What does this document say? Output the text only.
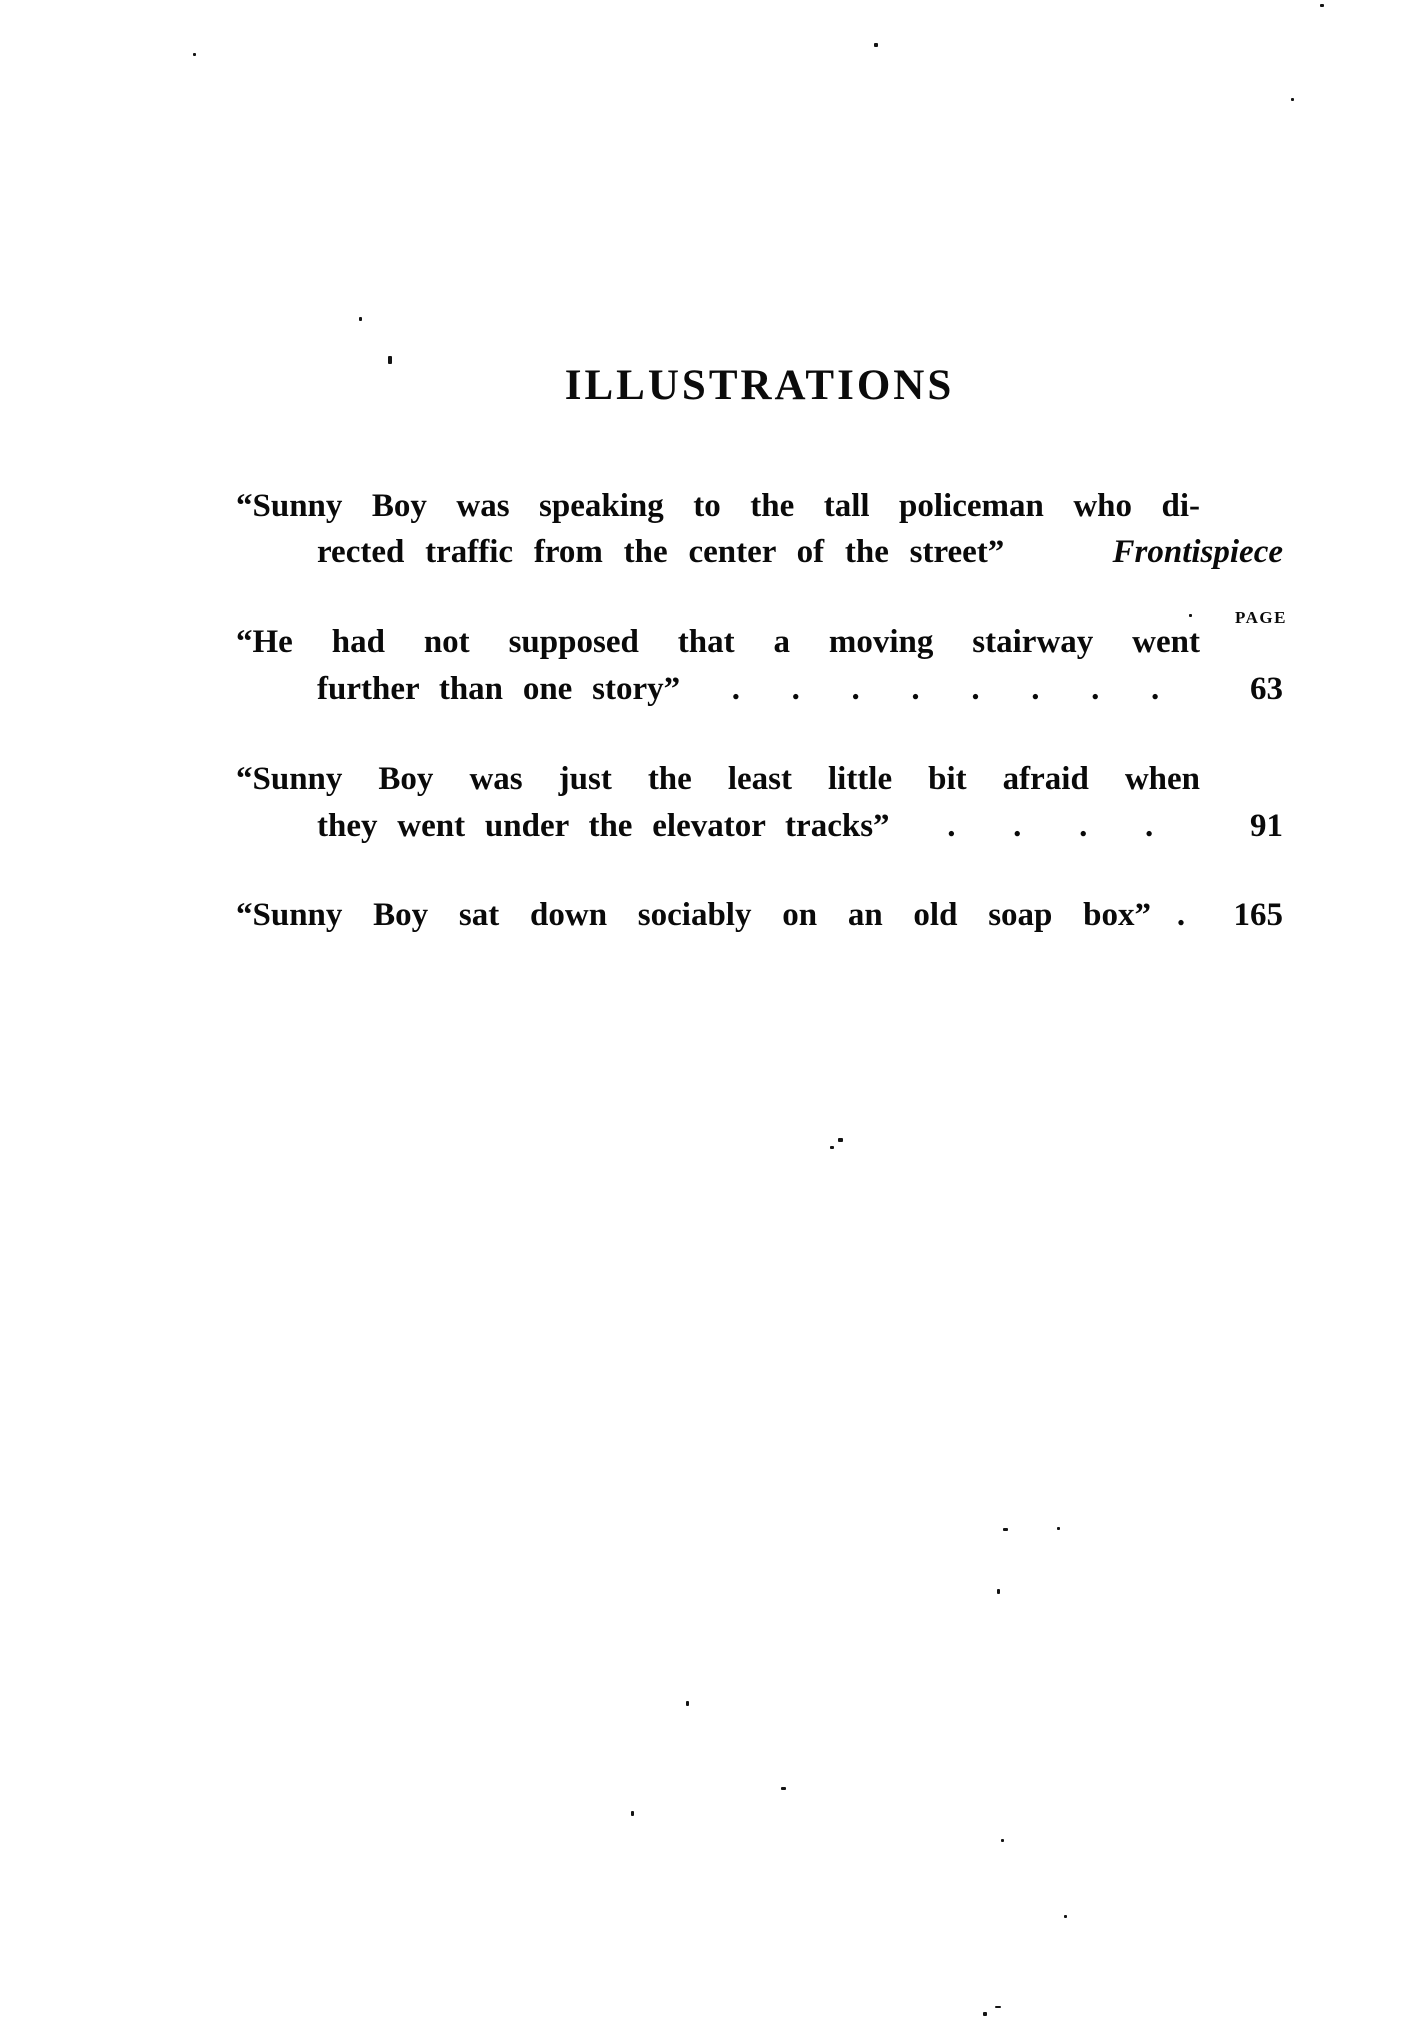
ILLUSTRATIONS
PAGE
“Sunny Boy was speaking to the tall policeman who di-
rected traffic from the center of the street”	Frontispiece
“He had not supposed that a moving stairway went
further than one story” . . . . . . . .	63
“Sunny Boy was just the least little bit afraid when
they went under the elevator tracks” . . . .	91
“Sunny Boy sat down sociably on an old soap box” .	165
